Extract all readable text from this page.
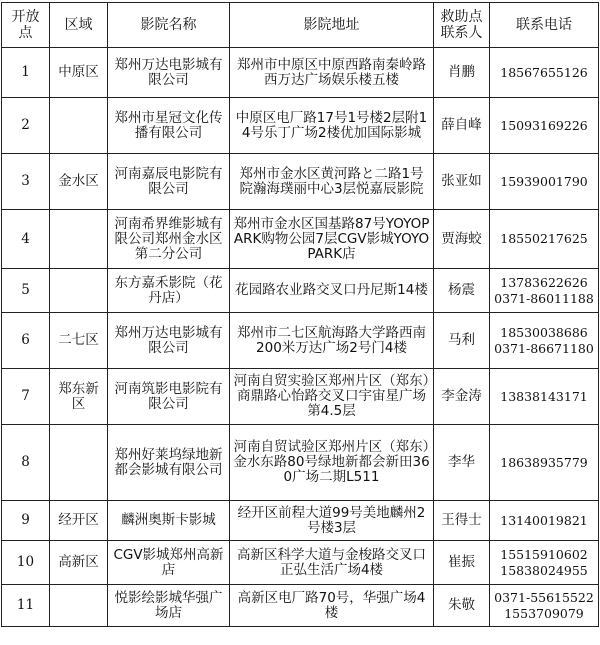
开放点	区域	影院名称	影院地址	救助点联系人	联系电话
1	中原区	郑州万达电影城有限公司	郑州市中原区中原西路南秦岭路西万达广场娱乐楼五楼	肖鹏	18567655126

2		郑州市星冠文化传播有限公司	中原区电厂路17号1号楼2层附14号乐丁广场2楼优加国际影城	薛自峰	15093169226

3	金水区	河南嘉辰电影院有限公司	郑州市金水区黄河路と二路1号院瀚海璞丽中心3层悦嘉辰影院	张亚如	15939001790

4		河南希界维影城有限公司郑州金水区第二分公司	郑州市金水区国基路87号YOYOPARK购物公园7层CGV影城YOYOPARK店	贾海蛟	18550217625

5		东方嘉禾影院（花丹店）	花园路农业路交叉口丹尼斯14楼	杨震	13783622626
0371-86011188

6	二七区	郑州万达电影城有限公司	郑州市二七区航海路大学路西南200米万达广场2号门4楼	马利	18530038686
0371-86671180

7	郑东新区	河南筑影电影院有限公司	河南自贸实验区郑州片区（郑东）商鼎路心怡路交叉口宇宙星广场第4.5层	李金涛	13838143171

8		郑州好莱坞绿地新都会影城有限公司	河南自贸试验区郑州片区（郑东）金水东路80号绿地新都会新田360广场二期L511	李华	18638935779

9	经开区	麟洲奥斯卡影城	经开区前程大道99号美地麟州2号楼3层	王得士	13140019821

10	高新区	CGV影城郑州高新店	高新区科学大道与金梭路交叉口正弘生活广场4楼	崔振	15515910602
15838024955

11		悦影绘影城华强广场店	高新区电厂路70号，华强广场4楼	朱敬	0371-55615522
1553709079
